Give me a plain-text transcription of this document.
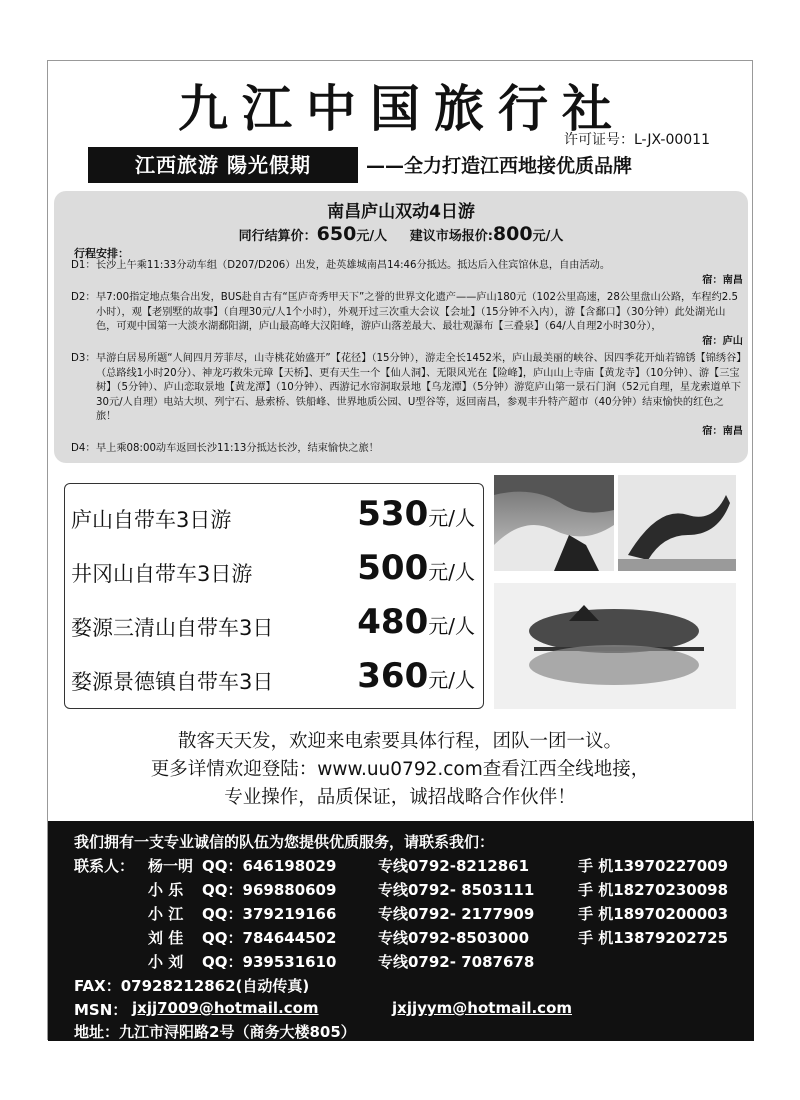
九江中国旅行社
许可证号：L-JX-00011
江西旅游 陽光假期	——全力打造江西地接优质品牌
南昌庐山双动4日游
同行结算价：650元/人 建议市场报价:800元/人
行程安排：
D1： 长沙上午乘11:33分动车组（D207/D206）出发，赴英雄城南昌14:46分抵达。抵达后入住宾馆休息，自由活动。
宿：南昌
D2： 早7:00指定地点集合出发，BUS赴自古有“匡庐奇秀甲天下”之誉的世界文化遗产——庐山180元（102公里高速，28公里盘山公路，车程约2.5小时），观【老别墅的故事】（自理30元/人1个小时），外观开过三次重大会议【会址】（15分钟不入内），游【含鄱口】（30分钟）此处湖光山色，可观中国第一大淡水湖鄱阳湖，庐山最高峰大汉阳峰，游庐山落差最大、最壮观瀑布【三叠泉】（64/人自理2小时30分），
宿：庐山
D3： 早游白居易所题“人间四月芳菲尽，山寺桃花始盛开”【花径】（15分钟），游走全长1452米，庐山最美丽的峡谷、因四季花开灿若锦锈【锦绣谷】（总路线1小时20分）、神龙巧救朱元璋【天桥】、更有天生一个【仙人洞】、无限风光在【险峰】，庐山山上寺庙【黄龙寺】（10分钟）、游【三宝树】（5分钟）、庐山恋取景地【黄龙潭】（10分钟）、西游记水帘洞取景地【乌龙潭】（5分钟）游览庐山第一景石门涧（52元自理，星龙索道单下30元/人自理）电站大坝、列宁石、悬索桥、铁船峰、世界地质公园、U型谷等，返回南昌，参观丰升特产超市（40分钟）结束愉快的红色之旅！
宿：南昌
D4： 早上乘08:00动车返回长沙11:13分抵达长沙，结束愉快之旅！
庐山自带车3日游	530元/人
井冈山自带车3日游	500元/人
婺源三清山自带车3日 480元/人
婺源景德镇自带车3日 360元/人
散客天天发，欢迎来电索要具体行程，团队一团一议。
更多详情欢迎登陆：www.uu0792.com查看江西全线地接，
专业操作，品质保证，诚招战略合作伙伴！
我们拥有一支专业诚信的队伍为您提供优质服务，请联系我们：
联系人： 杨一明 QQ：646198029	专线0792-8212861	手 机13970227009
小 乐 QQ：969880609	专线0792- 8503111	手 机18270230098
小 江 QQ：379219166	专线0792- 2177909	手 机18970200003
刘 佳 QQ：784644502	专线0792-8503000	手 机13879202725
小 刘 QQ：939531610	专线0792- 7087678
FAX：07928212862(自动传真)
MSN： jxjj7009@hotmail.com	jxjjyym@hotmail.com
地址：九江市浔阳路2号（商务大楼805）
